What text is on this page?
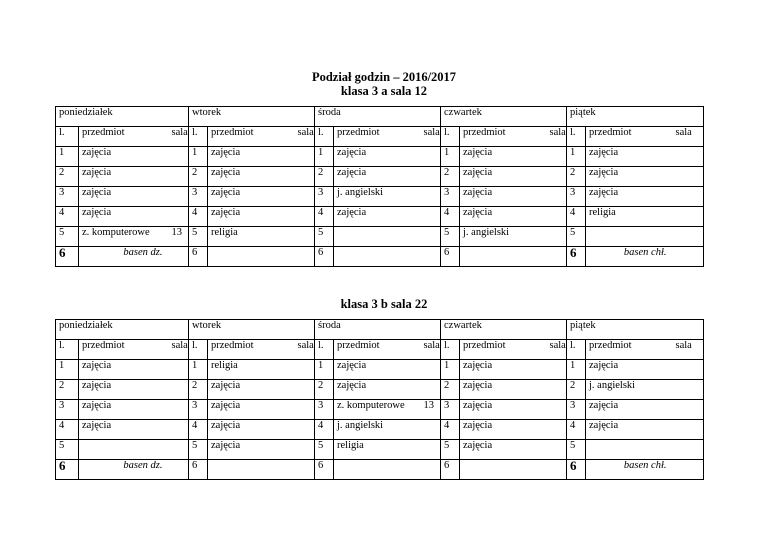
Podział godzin – 2016/2017
klasa 3 a sala 12
poniedziałek			wtorek			środa			czwartek			piątek		
l.	przedmiot	sala	l.	przedmiot	sala	l.	przedmiot	sala	l.	przedmiot	sala	l.	przedmiot	sala
1	zajęcia		1	zajęcia		1	zajęcia		1	zajęcia		1	zajęcia	
2	zajęcia		2	zajęcia		2	zajęcia		2	zajęcia		2	zajęcia	
3	zajęcia		3	zajęcia		3	j. angielski		3	zajęcia		3	zajęcia	
4	zajęcia		4	zajęcia		4	zajęcia		4	zajęcia		4	religia	
5	z. komputerowe	13	5	religia		5			5	j. angielski		5		
6	basen dz.		6			6			6			6	basen chł.	

klasa 3 b sala 22
poniedziałek			wtorek			środa			czwartek			piątek		
l.	przedmiot	sala	l.	przedmiot	sala	l.	przedmiot	sala	l.	przedmiot	sala	l.	przedmiot	sala
1	zajęcia		1	religia		1	zajęcia		1	zajęcia		1	zajęcia	
2	zajęcia		2	zajęcia		2	zajęcia		2	zajęcia		2	j. angielski	
3	zajęcia		3	zajęcia		3	z. komputerowe	13	3	zajęcia		3	zajęcia	
4	zajęcia		4	zajęcia		4	j. angielski		4	zajęcia		4	zajęcia	
5			5	zajęcia		5	religia		5	zajęcia		5		
6	basen dz.		6			6			6			6	basen chł.	
